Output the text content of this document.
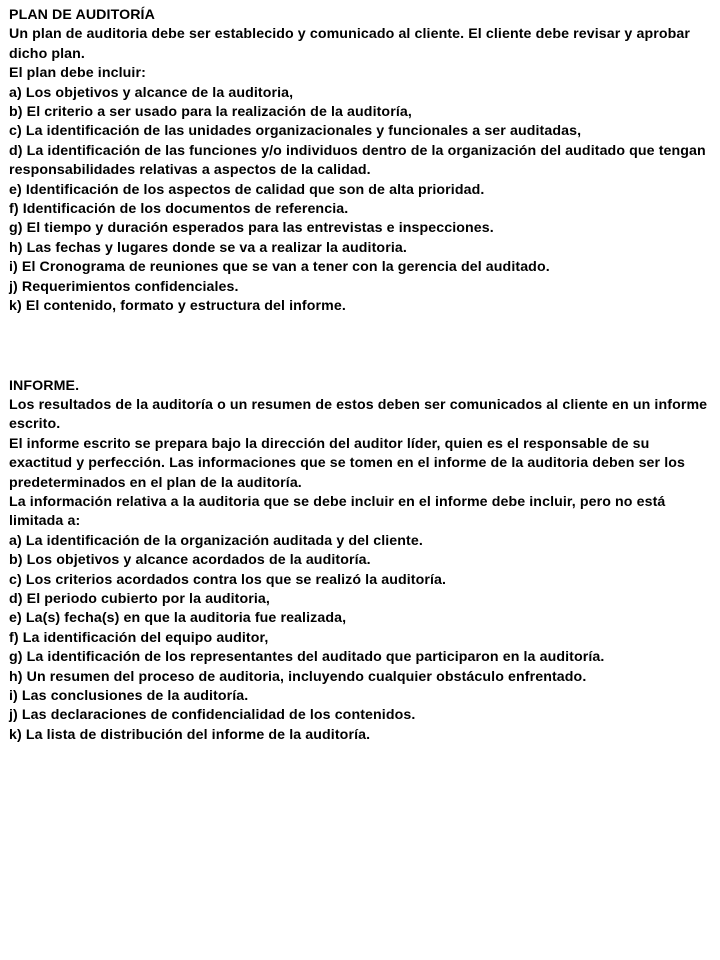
PLAN DE AUDITORÍA

Un plan de auditoria debe ser establecido y comunicado al cliente. El cliente debe revisar y aprobar dicho plan.

El plan debe incluir:

a) Los objetivos y alcance de la auditoria,

b) El criterio a ser usado para la realización de la auditoría,

c) La identificación de las unidades organizacionales y funcionales a ser auditadas,

d) La identificación de las funciones y/o individuos dentro de la organización del auditado que tengan responsabilidades relativas a aspectos de la calidad.

e) Identificación de los aspectos de calidad que son de alta prioridad.

f) Identificación de los documentos de referencia.

g) El tiempo y duración esperados para las entrevistas e inspecciones.

h) Las fechas y lugares donde se va a realizar la auditoria.

i) El Cronograma de reuniones que se van a tener con la gerencia del auditado.

j) Requerimientos confidenciales.

k) El contenido, formato y estructura del informe.

INFORME.

Los resultados de la auditoría o un resumen de estos deben ser comunicados al cliente en un informe escrito.

El informe escrito se prepara bajo la dirección del auditor líder, quien es el responsable de su exactitud y perfección. Las informaciones que se tomen en el informe de la auditoria deben ser los predeterminados en el plan de la auditoría.

La información relativa a la auditoria que se debe incluir en el informe debe incluir, pero no está limitada a:

a) La identificación de la organización auditada y del cliente.

b) Los objetivos y alcance acordados de la auditoría.

c) Los criterios acordados contra los que se realizó la auditoría.

d) El periodo cubierto por la auditoria,

e) La(s) fecha(s) en que la auditoria fue realizada,

f) La identificación del equipo auditor,

g) La identificación de los representantes del auditado que participaron en la auditoría.

h) Un resumen del proceso de auditoria, incluyendo cualquier obstáculo enfrentado.

i) Las conclusiones de la auditoría.

j) Las declaraciones de confidencialidad de los contenidos.

k) La lista de distribución del informe de la auditoría.
